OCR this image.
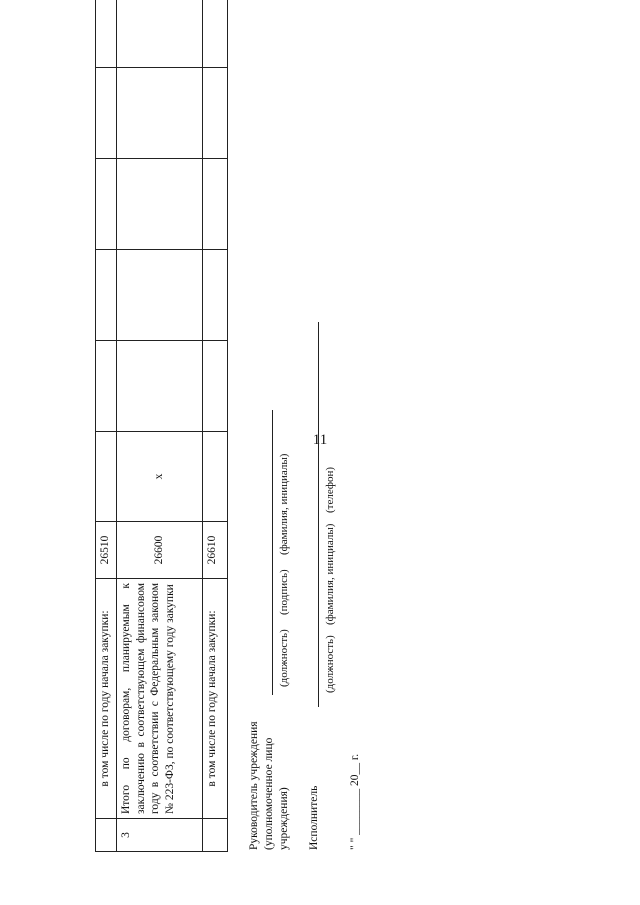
11
	в том числе по году начала закупки:	26510						
3	Итого по договорам, планируемым к заключению в соответствующем финансовом году в соответствии с Федеральным законом № 223-ФЗ, по соответствующему году закупки	26600	x					
	в том числе по году начала закупки:	26610						
Руководитель учреждения (уполномоченное лицо учреждения)
(должность)
(подпись)
(фамилия, инициалы)
Исполнитель
(должность)
(фамилия, инициалы)
(телефон)
" " ________ 20__ г.
